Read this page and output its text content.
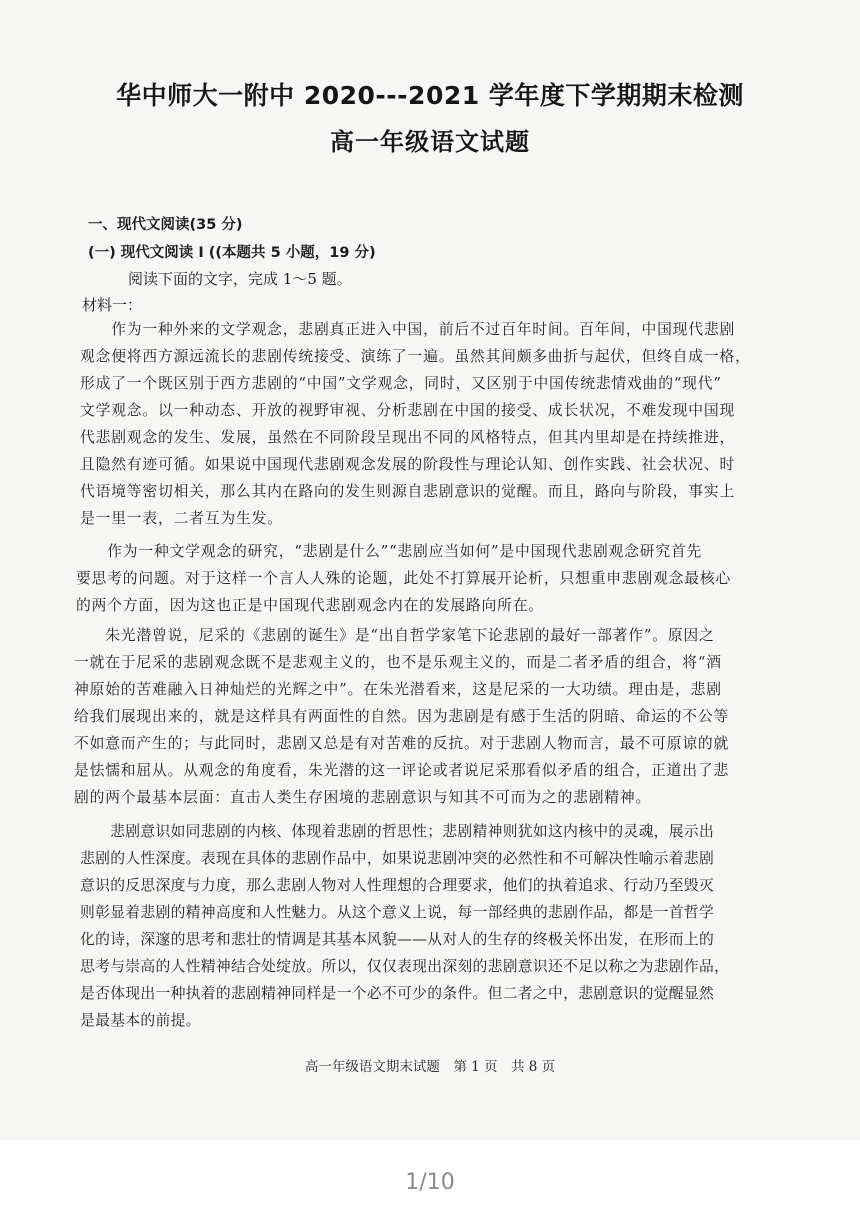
华中师大一附中 2020---2021 学年度下学期期末检测
高一年级语文试题
一、现代文阅读(35 分)
(一) 现代文阅读 I ((本题共 5 小题，19 分)
阅读下面的文字，完成 1～5 题。
材料一：
　　作为一种外来的文学观念，悲剧真正进入中国，前后不过百年时间。百年间，中国现代悲剧
观念便将西方源远流长的悲剧传统接受、演练了一遍。虽然其间颇多曲折与起伏，但终自成一格，
形成了一个既区别于西方悲剧的“中国”文学观念，同时，又区别于中国传统悲情戏曲的“现代”
文学观念。以一种动态、开放的视野审视、分析悲剧在中国的接受、成长状况，不难发现中国现
代悲剧观念的发生、发展，虽然在不同阶段呈现出不同的风格特点，但其内里却是在持续推进，
且隐然有迹可循。如果说中国现代悲剧观念发展的阶段性与理论认知、创作实践、社会状况、时
代语境等密切相关，那么其内在路向的发生则源自悲剧意识的觉醒。而且，路向与阶段，事实上
是一里一表，二者互为生发。
　　作为一种文学观念的研究，“悲剧是什么”“悲剧应当如何”是中国现代悲剧观念研究首先
要思考的问题。对于这样一个言人人殊的论题，此处不打算展开论析，只想重申悲剧观念最核心
的两个方面，因为这也正是中国现代悲剧观念内在的发展路向所在。
　　朱光潜曾说，尼采的《悲剧的诞生》是“出自哲学家笔下论悲剧的最好一部著作”。原因之
一就在于尼采的悲剧观念既不是悲观主义的，也不是乐观主义的，而是二者矛盾的组合，将“酒
神原始的苦难融入日神灿烂的光辉之中”。在朱光潜看来，这是尼采的一大功绩。理由是，悲剧
给我们展现出来的，就是这样具有两面性的自然。因为悲剧是有感于生活的阴暗、命运的不公等
不如意而产生的；与此同时，悲剧又总是有对苦难的反抗。对于悲剧人物而言，最不可原谅的就
是怯懦和屈从。从观念的角度看，朱光潜的这一评论或者说尼采那看似矛盾的组合，正道出了悲
剧的两个最基本层面：直击人类生存困境的悲剧意识与知其不可而为之的悲剧精神。
　　悲剧意识如同悲剧的内核、体现着悲剧的哲思性；悲剧精神则犹如这内核中的灵魂，展示出
悲剧的人性深度。表现在具体的悲剧作品中，如果说悲剧冲突的必然性和不可解决性喻示着悲剧
意识的反思深度与力度，那么悲剧人物对人性理想的合理要求，他们的执着追求、行动乃至毁灭
则彰显着悲剧的精神高度和人性魅力。从这个意义上说，每一部经典的悲剧作品，都是一首哲学
化的诗，深邃的思考和悲壮的情调是其基本风貌——从对人的生存的终极关怀出发，在形而上的
思考与崇高的人性精神结合处绽放。所以，仅仅表现出深刻的悲剧意识还不足以称之为悲剧作品，
是否体现出一种执着的悲剧精神同样是一个必不可少的条件。但二者之中，悲剧意识的觉醒显然
是最基本的前提。
高一年级语文期末试题　第 1 页　共 8 页
1/10
